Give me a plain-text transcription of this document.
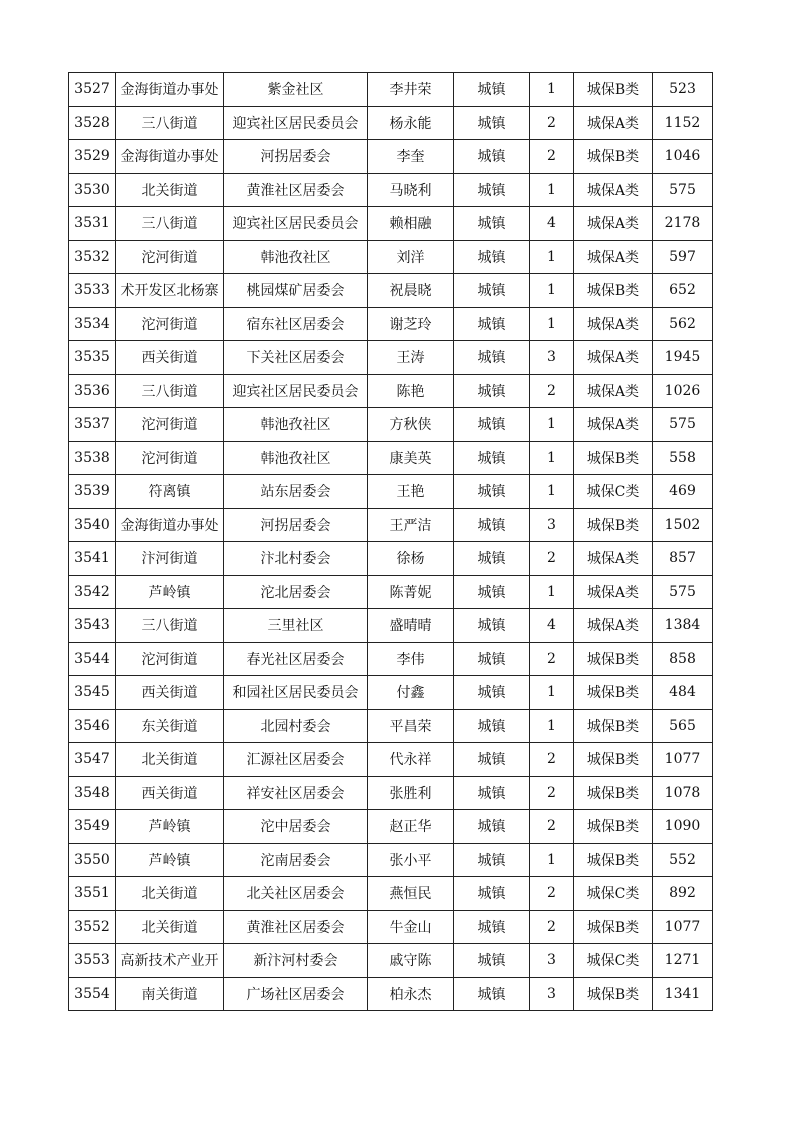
3527	金海街道办事处	紫金社区	李井荣	城镇	1	城保B类	523
3528	三八街道	迎宾社区居民委员会	杨永能	城镇	2	城保A类	1152
3529	金海街道办事处	河拐居委会	李奎	城镇	2	城保B类	1046
3530	北关街道	黄淮社区居委会	马晓利	城镇	1	城保A类	575
3531	三八街道	迎宾社区居民委员会	赖相融	城镇	4	城保A类	2178
3532	沱河街道	韩池孜社区	刘洋	城镇	1	城保A类	597
3533	术开发区北杨寨	桃园煤矿居委会	祝晨晓	城镇	1	城保B类	652
3534	沱河街道	宿东社区居委会	谢芝玲	城镇	1	城保A类	562
3535	西关街道	下关社区居委会	王涛	城镇	3	城保A类	1945
3536	三八街道	迎宾社区居民委员会	陈艳	城镇	2	城保A类	1026
3537	沱河街道	韩池孜社区	方秋侠	城镇	1	城保A类	575
3538	沱河街道	韩池孜社区	康美英	城镇	1	城保B类	558
3539	符离镇	站东居委会	王艳	城镇	1	城保C类	469
3540	金海街道办事处	河拐居委会	王严洁	城镇	3	城保B类	1502
3541	汴河街道	汴北村委会	徐杨	城镇	2	城保A类	857
3542	芦岭镇	沱北居委会	陈菁妮	城镇	1	城保A类	575
3543	三八街道	三里社区	盛晴晴	城镇	4	城保A类	1384
3544	沱河街道	春光社区居委会	李伟	城镇	2	城保B类	858
3545	西关街道	和园社区居民委员会	付鑫	城镇	1	城保B类	484
3546	东关街道	北园村委会	平昌荣	城镇	1	城保B类	565
3547	北关街道	汇源社区居委会	代永祥	城镇	2	城保B类	1077
3548	西关街道	祥安社区居委会	张胜利	城镇	2	城保B类	1078
3549	芦岭镇	沱中居委会	赵正华	城镇	2	城保B类	1090
3550	芦岭镇	沱南居委会	张小平	城镇	1	城保B类	552
3551	北关街道	北关社区居委会	燕恒民	城镇	2	城保C类	892
3552	北关街道	黄淮社区居委会	牛金山	城镇	2	城保B类	1077
3553	高新技术产业开	新汴河村委会	戚守陈	城镇	3	城保C类	1271
3554	南关街道	广场社区居委会	柏永杰	城镇	3	城保B类	1341
